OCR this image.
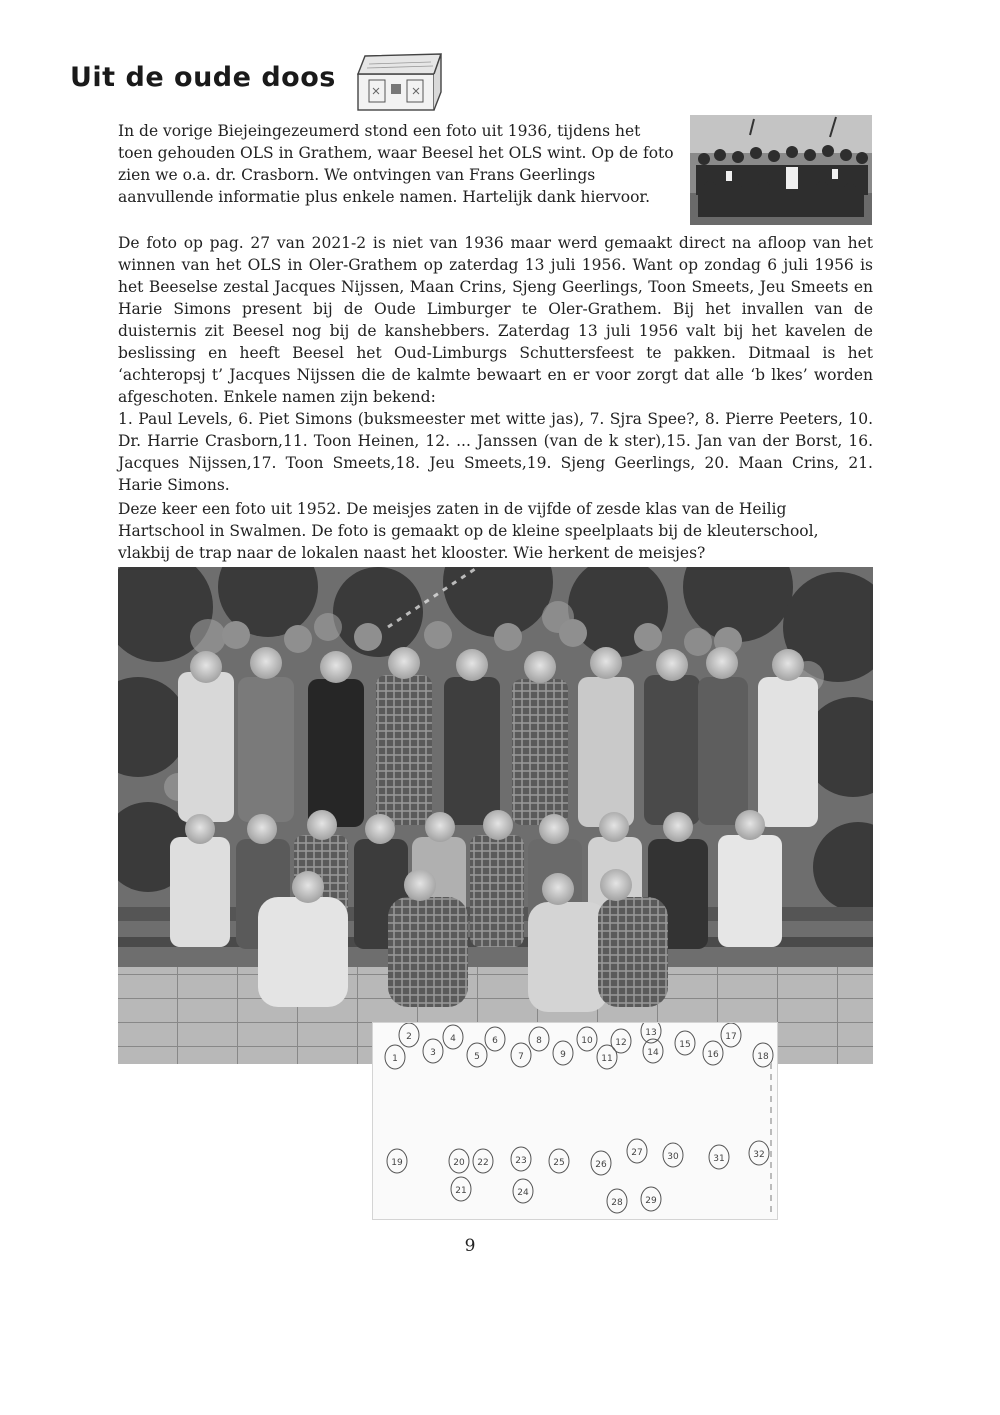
Uit de oude doos

In de vorige Biejeingezeumerd stond een foto uit 1936, tijdens het toen gehouden OLS in Grathem, waar Beesel het OLS wint. Op de foto zien we o.a. dr. Crasborn. We ontvingen van Frans Geerlings aanvullende informatie plus enkele namen. Hartelijk dank hiervoor.

De foto op pag. 27 van 2021-2 is niet van 1936 maar werd gemaakt direct na afloop van het winnen van het OLS in Oler-Grathem op zaterdag 13 juli 1956. Want op zondag 6 juli 1956 is het Beeselse zestal Jacques Nijssen, Maan Crins, Sjeng Geerlings, Toon Smeets, Jeu Smeets en Harie Simons present bij de Oude Limburger te Oler-Grathem. Bij het invallen van de duisternis zit Beesel nog bij de kanshebbers. Zaterdag 13 juli 1956 valt bij het kavelen de beslissing en heeft Beesel het Oud-Limburgs Schuttersfeest te pakken. Ditmaal is het ‘achteropsj t’ Jacques Nijssen die de kalmte bewaart en er voor zorgt dat alle ‘b lkes’ worden afgeschoten. Enkele namen zijn bekend:

1. Paul Levels, 6. Piet Simons (buksmeester met witte jas), 7. Sjra Spee?, 8. Pierre Peeters, 10. Dr. Harrie Crasborn,11. Toon Heinen, 12. ... Janssen (van de k ster),15. Jan van der Borst, 16. Jacques Nijssen,17. Toon Smeets,18. Jeu Smeets,19. Sjeng Geerlings, 20. Maan Crins, 21. Harie Simons.

Deze keer een foto uit 1952. De meisjes zaten in de vijfde of zesde klas van de Heilig Hartschool in Swalmen. De foto is gemaakt op de kleine speelplaats bij de kleuterschool, vlakbij de trap naar de lokalen naast het klooster. Wie herkent de meisjes?

1
2
3
4
5
6
7
8
9
10
11
12
13
14
15
16
17
18
19	20
21
22	23
24
25	26
27
28	29
30	31	32
9
